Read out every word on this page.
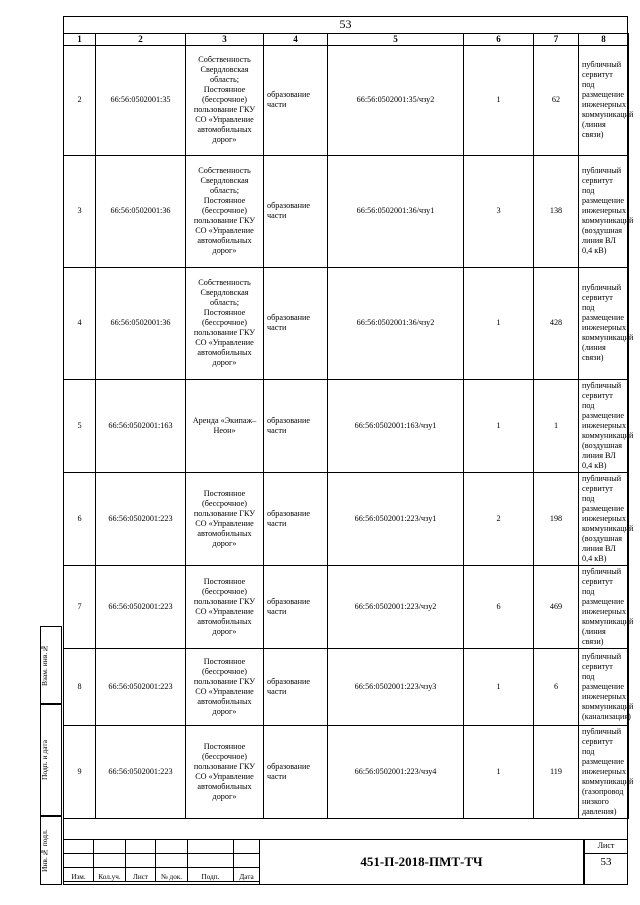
53
1	2	3	4	5	6	7	8
2	66:56:0502001:35	Собственность Свердловская область; Постоянное (бессрочное) пользование ГКУ СО «Управление автомобильных дорог»	образование части	66:56:0502001:35/чзу2	1	62	публичный сервитут под размещение инженерных коммуникаций (линия связи)
3	66:56:0502001:36	Собственность Свердловская область; Постоянное (бессрочное) пользование ГКУ СО «Управление автомобильных дорог»	образование части	66:56:0502001:36/чзу1	3	138	публичный сервитут под размещение инженерных коммуникаций (воздушная линия ВЛ 0,4 кВ)
4	66:56:0502001:36	Собственность Свердловская область; Постоянное (бессрочное) пользование ГКУ СО «Управление автомобильных дорог»	образование части	66:56:0502001:36/чзу2	1	428	публичный сервитут под размещение инженерных коммуникаций (линия связи)
5	66:56:0502001:163	Аренда «Экипаж–Неон»	образование части	66:56:0502001:163/чзу1	1	1	публичный сервитут под размещение инженерных коммуникаций (воздушная линия ВЛ 0,4 кВ)
6	66:56:0502001:223	Постоянное (бессрочное) пользование ГКУ СО «Управление автомобильных дорог»	образование части	66:56:0502001:223/чзу1	2	198	публичный сервитут под размещение инженерных коммуникаций (воздушная линия ВЛ 0,4 кВ)
7	66:56:0502001:223	Постоянное (бессрочное) пользование ГКУ СО «Управление автомобильных дорог»	образование части	66:56:0502001:223/чзу2	6	469	публичный сервитут под размещение инженерных коммуникаций (линия связи)
8	66:56:0502001:223	Постоянное (бессрочное) пользование ГКУ СО «Управление автомобильных дорог»	образование части	66:56:0502001:223/чзу3	1	6	публичный сервитут под размещение инженерных коммуникаций (канализация)
9	66:56:0502001:223	Постоянное (бессрочное) пользование ГКУ СО «Управление автомобильных дорог»	образование части	66:56:0502001:223/чзу4	1	119	публичный сервитут под размещение инженерных коммуникаций (газопровод низкого давления)
Взам. инв.№
Подп. и дата
Инв.№ подл.

Изм.	Кол.уч.	Лист	№ док.	Подп.	Дата
451-П-2018-ПМТ-ТЧ
Лист
53
